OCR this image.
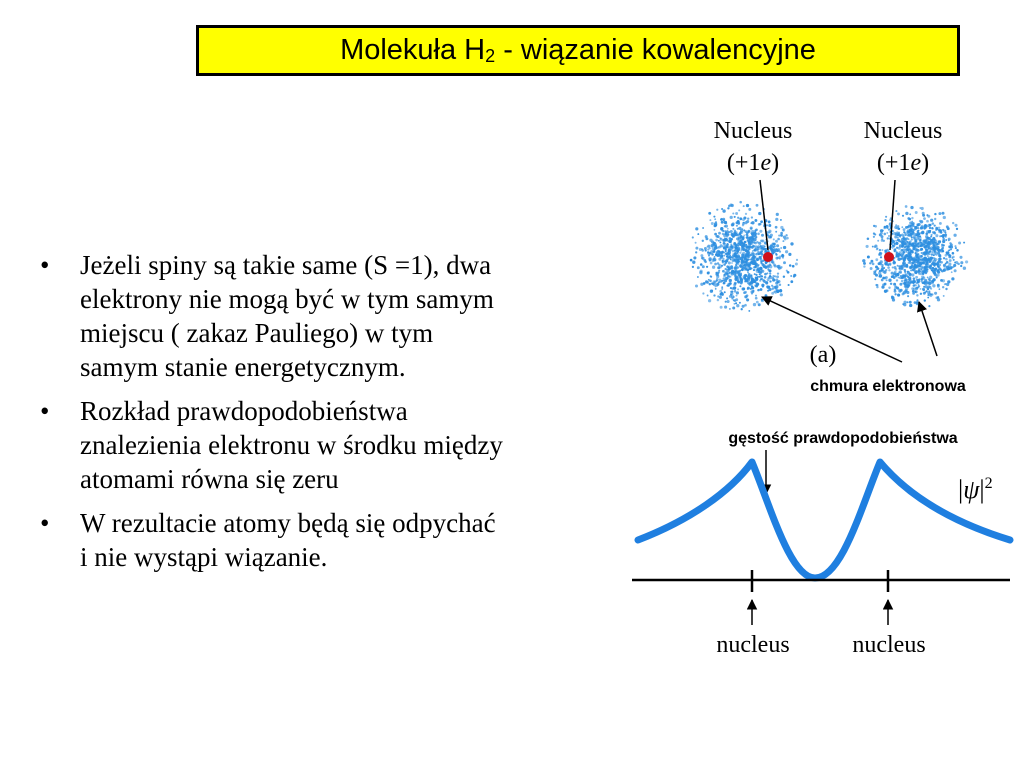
Molekuła $H_2$ - wiązanie kowalencyjne
• Jeżeli spiny są takie same (S =1), dwa
elektrony nie mogą być w tym samym
miejscu ( zakaz Pauliego) w tym
samym stanie energetycznym.
• Rozkład prawdopodobieństwa
znalezienia elektronu w środku między
atomami równa się zeru
• W rezultacie atomy będą się odpychać
i nie wystąpi wiązanie.
Nucleus
(+1e)
Nucleus
(+1e)
(a)
chmura elektronowa
gęstość prawdopodobieństwa
$|\psi|^2$
nucleus	nucleus
